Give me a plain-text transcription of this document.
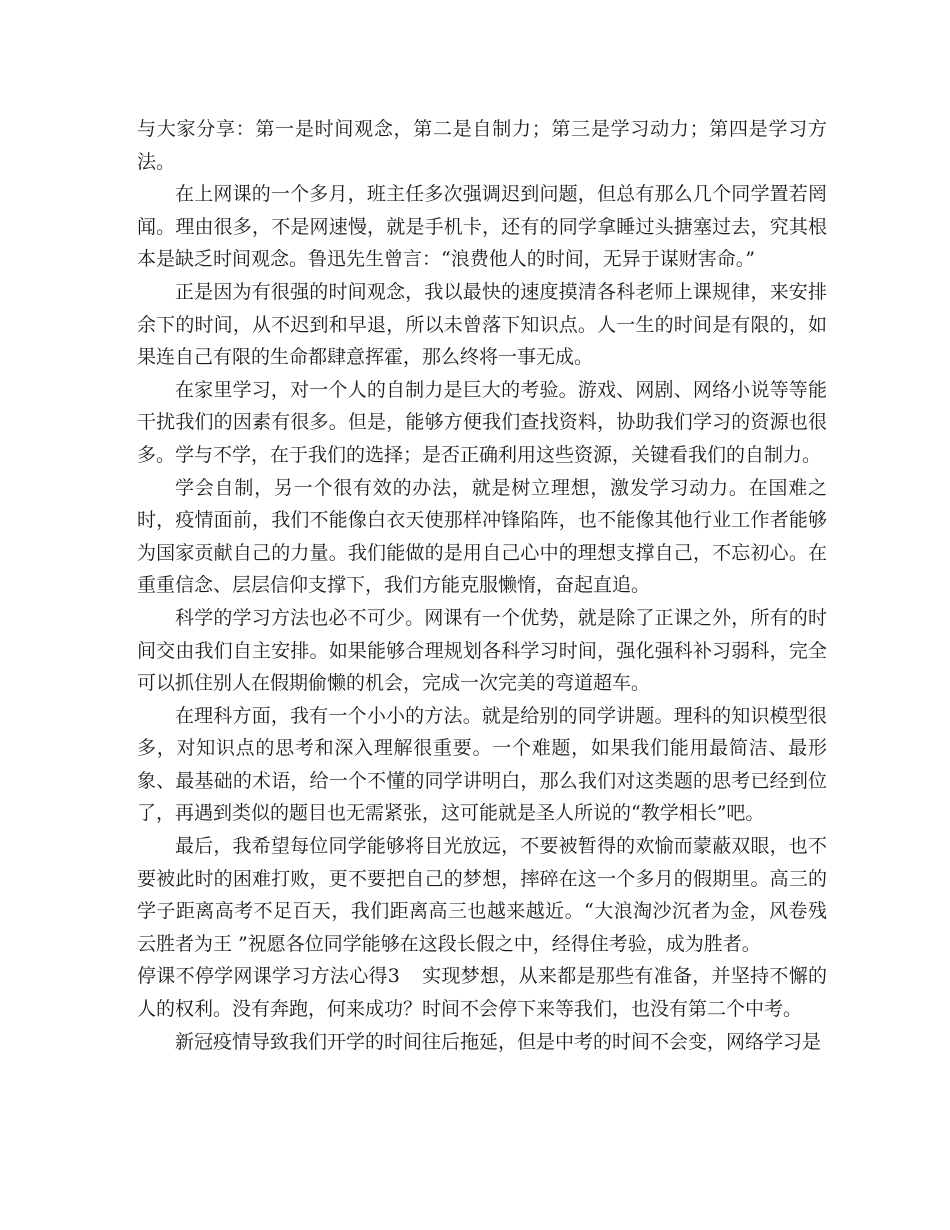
与大家分享：第一是时间观念，第二是自制力；第三是学习动力；第四是学习方法。

在上网课的一个多月，班主任多次强调迟到问题，但总有那么几个同学置若罔闻。理由很多，不是网速慢，就是手机卡，还有的同学拿睡过头搪塞过去，究其根本是缺乏时间观念。鲁迅先生曾言：“浪费他人的时间，无异于谋财害命。”

正是因为有很强的时间观念，我以最快的速度摸清各科老师上课规律，来安排余下的时间，从不迟到和早退，所以未曾落下知识点。人一生的时间是有限的，如果连自己有限的生命都肆意挥霍，那么终将一事无成。

在家里学习，对一个人的自制力是巨大的考验。游戏、网剧、网络小说等等能干扰我们的因素有很多。但是，能够方便我们查找资料，协助我们学习的资源也很多。学与不学，在于我们的选择；是否正确利用这些资源，关键看我们的自制力。

学会自制，另一个很有效的办法，就是树立理想，激发学习动力。在国难之时，疫情面前，我们不能像白衣天使那样冲锋陷阵，也不能像其他行业工作者能够为国家贡献自己的力量。我们能做的是用自己心中的理想支撑自己，不忘初心。在重重信念、层层信仰支撑下，我们方能克服懒惰，奋起直追。

科学的学习方法也必不可少。网课有一个优势，就是除了正课之外，所有的时间交由我们自主安排。如果能够合理规划各科学习时间，强化强科补习弱科，完全可以抓住别人在假期偷懒的机会，完成一次完美的弯道超车。

在理科方面，我有一个小小的方法。就是给别的同学讲题。理科的知识模型很多，对知识点的思考和深入理解很重要。一个难题，如果我们能用最简洁、最形象、最基础的术语，给一个不懂的同学讲明白，那么我们对这类题的思考已经到位了，再遇到类似的题目也无需紧张，这可能就是圣人所说的“教学相长”吧。

最后，我希望每位同学能够将目光放远，不要被暂得的欢愉而蒙蔽双眼，也不要被此时的困难打败，更不要把自己的梦想，摔碎在这一个多月的假期里。高三的学子距离高考不足百天，我们距离高三也越来越近。“大浪淘沙沉者为金，风卷残云胜者为王 ”祝愿各位同学能够在这段长假之中，经得住考验，成为胜者。

停课不停学网课学习方法心得3 实现梦想，从来都是那些有准备，并坚持不懈的人的权利。没有奔跑，何来成功？时间不会停下来等我们，也没有第二个中考。

新冠疫情导致我们开学的时间往后拖延，但是中考的时间不会变，网络学习是
